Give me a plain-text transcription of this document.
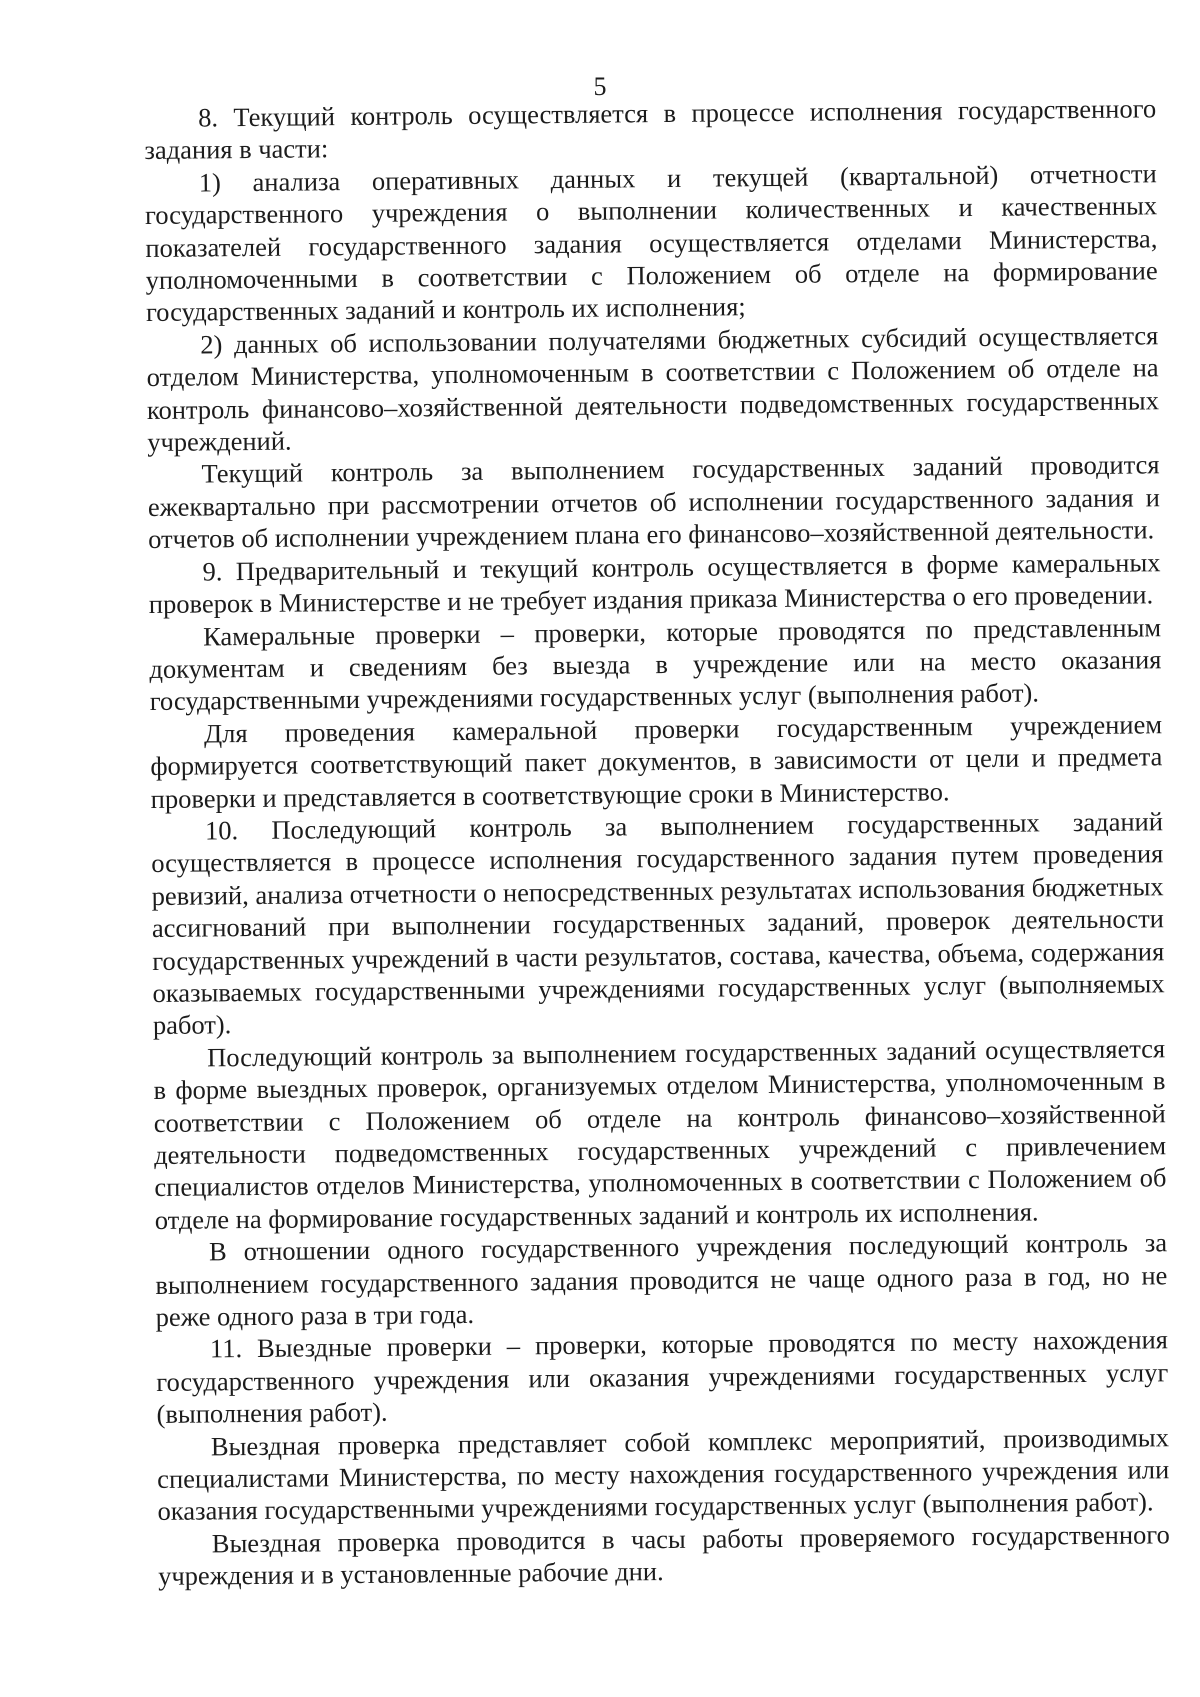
5

8. Текущий контроль осуществляется в процессе исполнения государственного задания в части:

1) анализа оперативных данных и текущей (квартальной) отчетности государственного учреждения о выполнении количественных и качественных показателей государственного задания осуществляется отделами Министерства, уполномоченными в соответствии с Положением об отделе на формирование государственных заданий и контроль их исполнения;

2) данных об использовании получателями бюджетных субсидий осуществляется отделом Министерства, уполномоченным в соответствии с Положением об отделе на контроль финансово–хозяйственной деятельности подведомственных государственных учреждений.

Текущий контроль за выполнением государственных заданий проводится ежеквартально при рассмотрении отчетов об исполнении государственного задания и отчетов об исполнении учреждением плана его финансово–хозяйственной деятельности.

9. Предварительный и текущий контроль осуществляется в форме камеральных проверок в Министерстве и не требует издания приказа Министерства о его проведении.

Камеральные проверки – проверки, которые проводятся по представленным документам и сведениям без выезда в учреждение или на место оказания государственными учреждениями государственных услуг (выполнения работ).

Для проведения камеральной проверки государственным учреждением формируется соответствующий пакет документов, в зависимости от цели и предмета проверки и представляется в соответствующие сроки в Министерство.

10. Последующий контроль за выполнением государственных заданий осуществляется в процессе исполнения государственного задания путем проведения ревизий, анализа отчетности о непосредственных результатах использования бюджетных ассигнований при выполнении государственных заданий, проверок деятельности государственных учреждений в части результатов, состава, качества, объема, содержания оказываемых государственными учреждениями государственных услуг (выполняемых работ).

Последующий контроль за выполнением государственных заданий осуществляется в форме выездных проверок, организуемых отделом Министерства, уполномоченным в соответствии с Положением об отделе на контроль финансово–хозяйственной деятельности подведомственных государственных учреждений с привлечением специалистов отделов Министерства, уполномоченных в соответствии с Положением об отделе на формирование государственных заданий и контроль их исполнения.

В отношении одного государственного учреждения последующий контроль за выполнением государственного задания проводится не чаще одного раза в год, но не реже одного раза в три года.

11. Выездные проверки – проверки, которые проводятся по месту нахождения государственного учреждения или оказания учреждениями государственных услуг (выполнения работ).

Выездная проверка представляет собой комплекс мероприятий, производимых специалистами Министерства, по месту нахождения государственного учреждения или оказания государственными учреждениями государственных услуг (выполнения работ).

Выездная проверка проводится в часы работы проверяемого государственного учреждения и в установленные рабочие дни.
